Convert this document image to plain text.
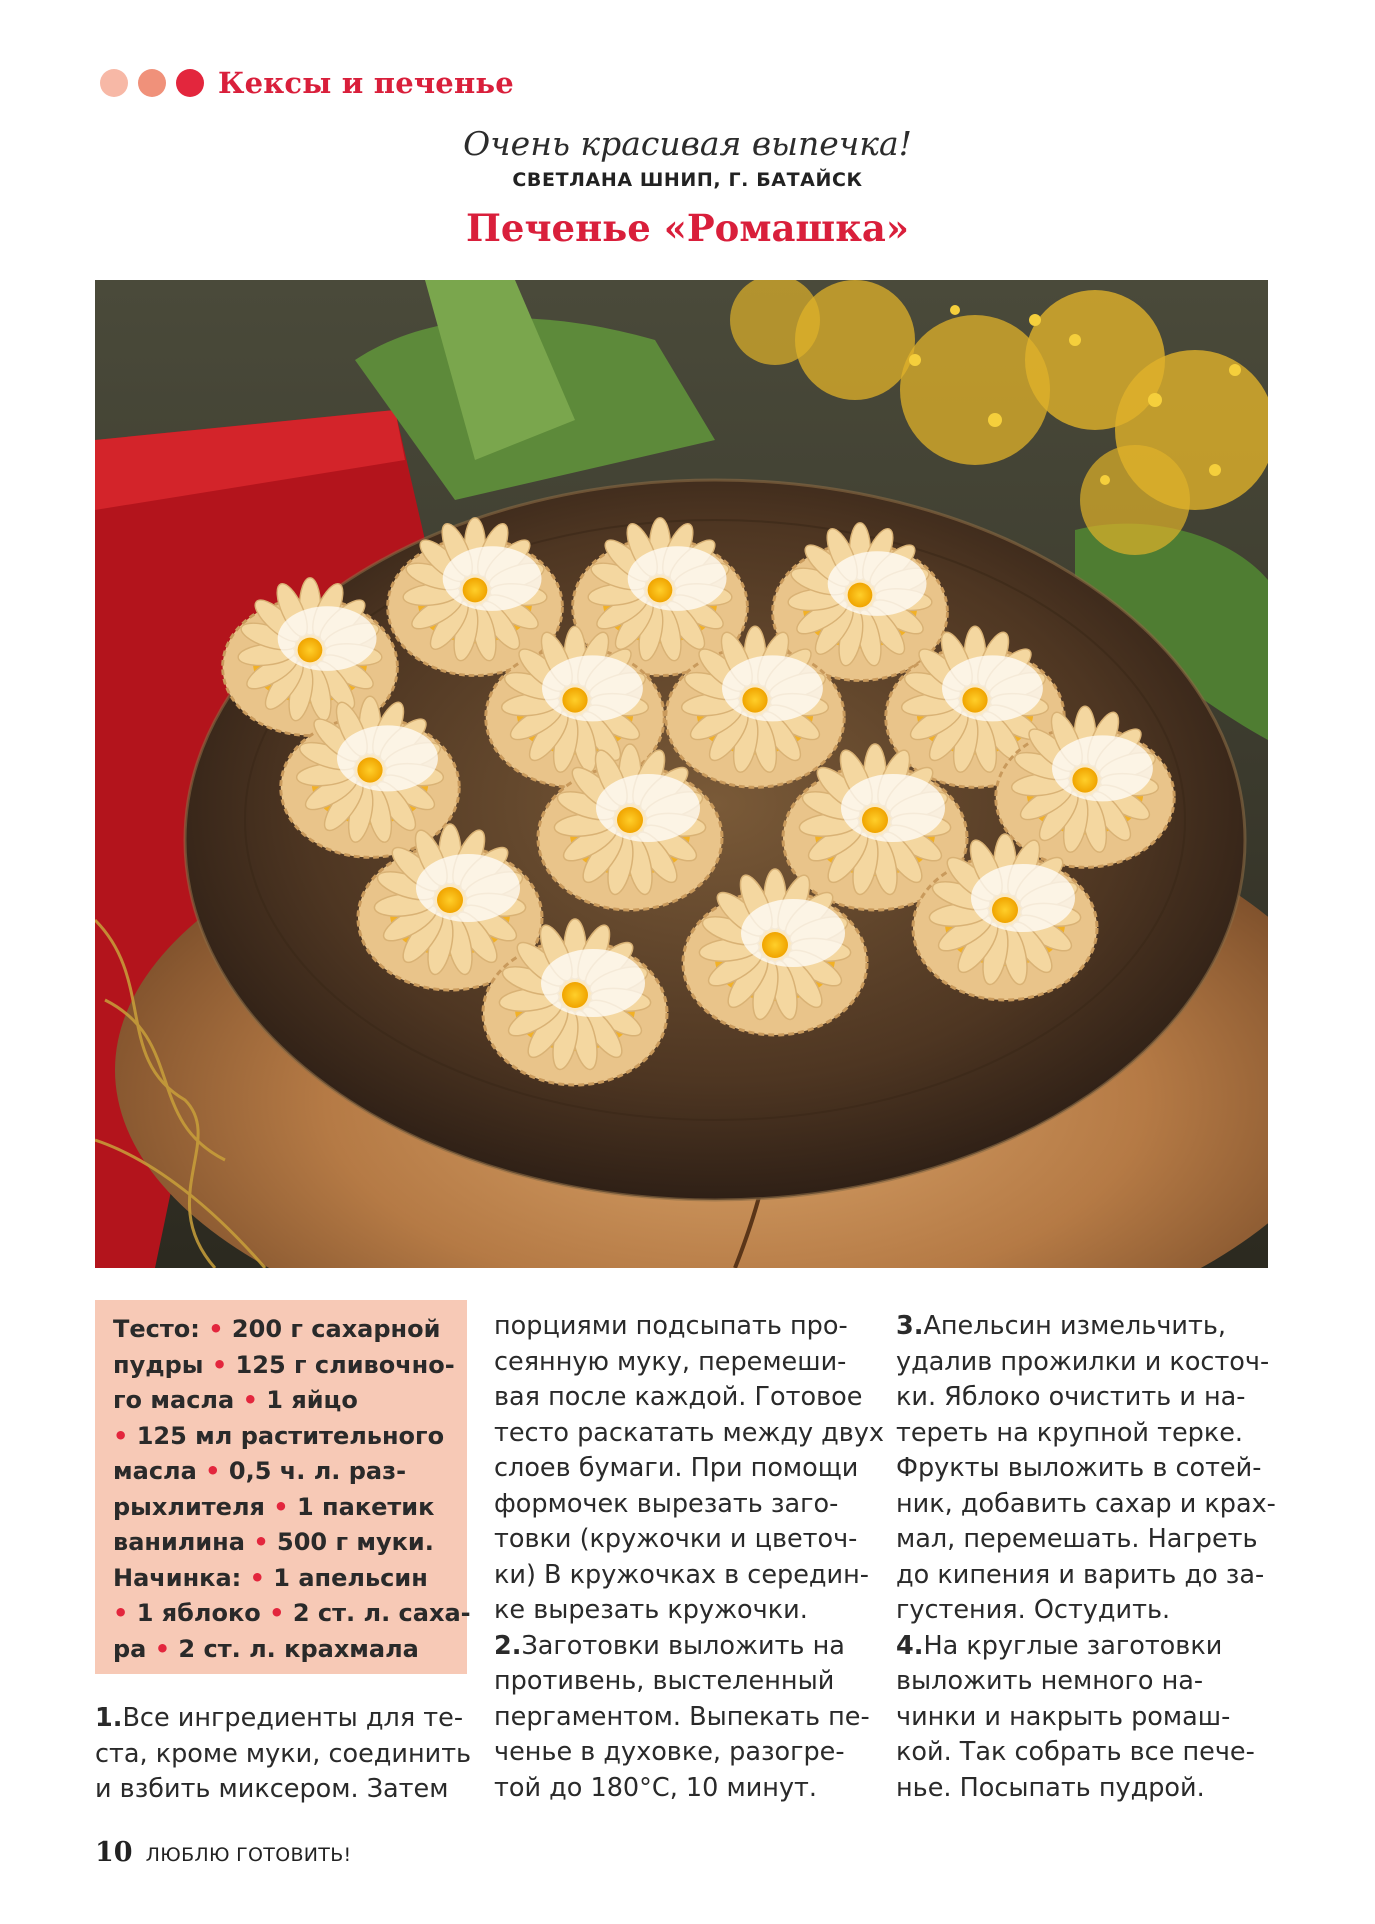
Кексы и печенье
Очень красивая выпечка!
СВЕТЛАНА ШНИП, Г. БАТАЙСК
Печенье «Ромашка»
Тесто: • 200 г сахарной
пудры • 125 г сливочно-
го масла • 1 яйцо
• 125 мл растительного
масла • 0,5 ч. л. раз-
рыхлителя • 1 пакетик
ванилина • 500 г муки.
Начинка: • 1 апельсин
• 1 яблоко • 2 ст. л. саха-
ра • 2 ст. л. крахмала
1.Все ингредиенты для те-
ста, кроме муки, соединить
и взбить миксером. Затем
порциями подсыпать про-
сеянную муку, перемеши-
вая после каждой. Готовое
тесто раскатать между двух
слоев бумаги. При помощи
формочек вырезать заго-
товки (кружочки и цветоч-
ки) В кружочках в середин-
ке вырезать кружочки.
2.Заготовки выложить на
противень, выстеленный
пергаментом. Выпекать пе-
ченье в духовке, разогре-
той до 180°С, 10 минут.
3.Апельсин измельчить,
удалив прожилки и косточ-
ки. Яблоко очистить и на-
тереть на крупной терке.
Фрукты выложить в сотей-
ник, добавить сахар и крах-
мал, перемешать. Нагреть
до кипения и варить до за-
густения. Остудить.
4.На круглые заготовки
выложить немного на-
чинки и накрыть ромаш-
кой. Так собрать все пече-
нье. Посыпать пудрой.
10 ЛЮБЛЮ ГОТОВИТЬ!
